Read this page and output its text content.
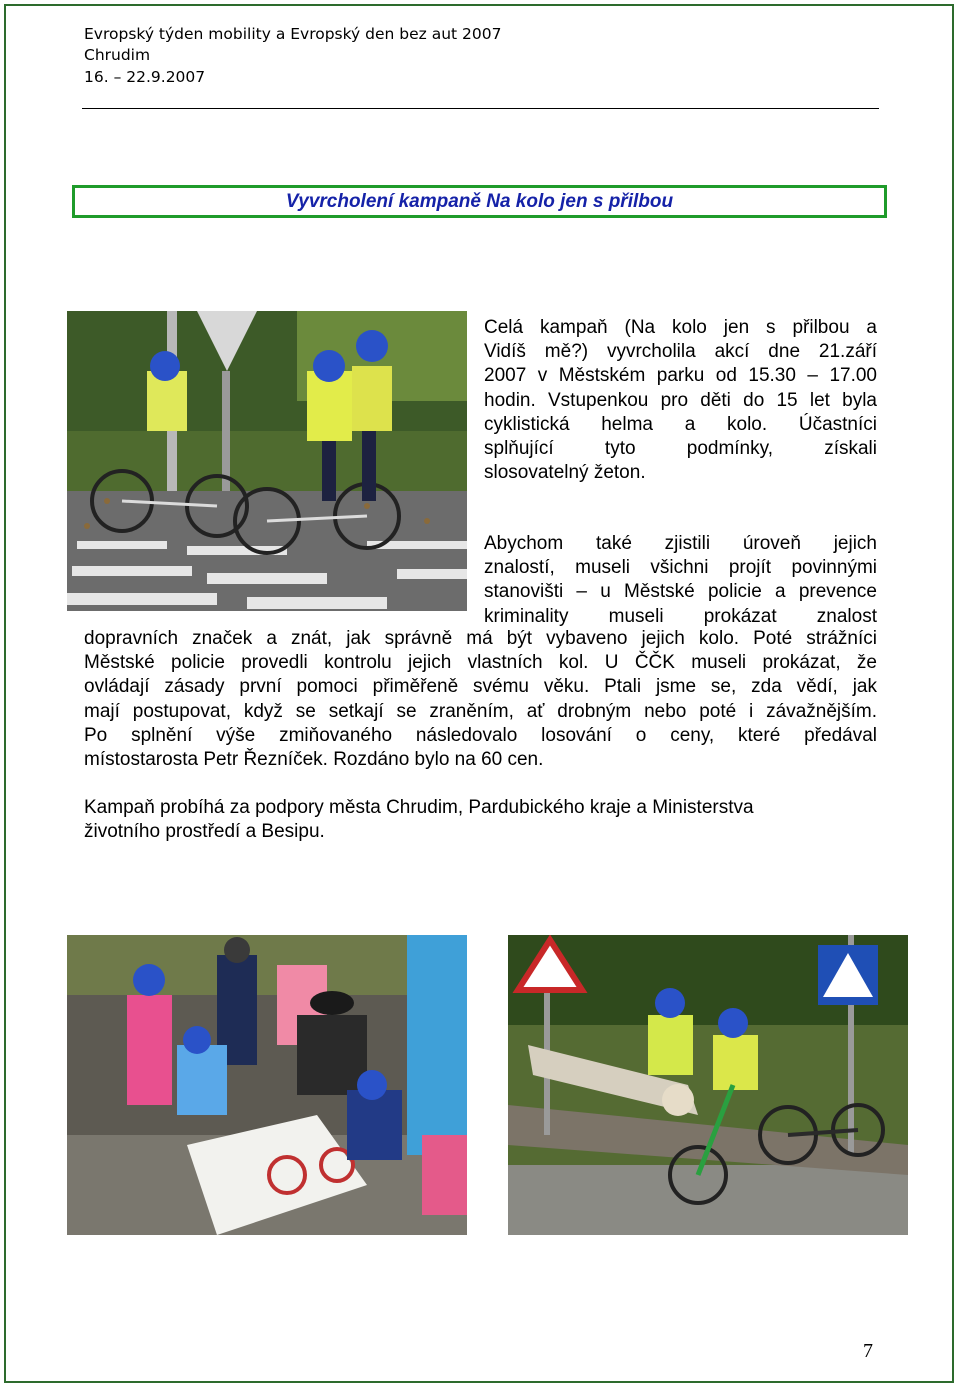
Evropský týden mobility a Evropský den bez aut 2007
Chrudim
16. – 22.9.2007
Vyvrcholení kampaně Na kolo jen s přilbou
Celá kampaň (Na kolo jen s přilbou a
Vidíš mě?) vyvrcholila akcí dne 21.září
2007 v Městském parku od 15.30 – 17.00
hodin. Vstupenkou pro děti do 15 let byla
cyklistická helma a kolo. Účastníci
splňující tyto podmínky, získali
slosovatelný žeton.
Abychom také zjistili úroveň jejich
znalostí, museli všichni projít povinnými
stanovišti – u Městské policie a prevence
kriminality museli prokázat znalost
dopravních značek a znát, jak správně má být vybaveno jejich kolo. Poté strážníci
Městské policie provedli kontrolu jejich vlastních kol. U ČČK museli prokázat, že
ovládají zásady první pomoci přiměřeně svému věku. Ptali jsme se, zda vědí, jak
mají postupovat, když se setkají se zraněním, ať drobným nebo poté i závažnějším.
Po splnění výše zmiňovaného následovalo losování o ceny, které předával
místostarosta Petr Řezníček. Rozdáno bylo na 60 cen.
Kampaň probíhá za podpory města Chrudim, Pardubického kraje a Ministerstva
životního prostředí a Besipu.
7
